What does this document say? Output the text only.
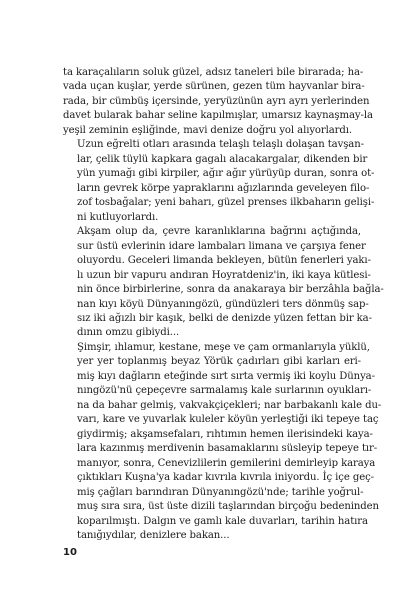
ta karaçalıların soluk güzel, adsız taneleri bile birarada; ha-
vada uçan kuşlar, yerde sürünen, gezen tüm hayvanlar bira-
rada, bir cümbüş içersinde, yeryüzünün ayrı ayrı yerlerinden
davet bularak bahar seline kapılmışlar, umarsız kaynaşmay-la
yeşil zeminin eşliğinde, mavi denize doğru yol alıyorlardı.

Uzun eğrelti otları arasında telaşlı telaşlı dolaşan tavşan-
lar, çelik tüylü kapkara gagalı alacakargalar, dikenden bir
yün yumağı gibi kirpiler, ağır ağır yürüyüp duran, sonra ot-
ların gevrek körpe yapraklarını ağızlarında geveleyen filo-
zof tosbağalar; yeni baharı, güzel prenses ilkbaharın gelişi-
ni kutluyorlardı.

Akşam olup da, çevre karanlıklarına bağrını açtığında,
sur üstü evlerinin idare lambaları limana ve çarşıya fener
oluyordu. Geceleri limanda bekleyen, bütün fenerleri yakı-
lı uzun bir vapuru andıran Hoyratdeniz'in, iki kaya kütlesi-
nin önce birbirlerine, sonra da anakaraya bir berzâhla bağla-
nan kıyı köyü Dünyanıngözü, gündüzleri ters dönmüş sap-
sız iki ağızlı bir kaşık, belki de denizde yüzen fettan bir ka-
dının omzu gibiydi...

Şimşir, ıhlamur, kestane, meşe ve çam ormanlarıyla yüklü,
yer yer toplanmış beyaz Yörük çadırları gibi karları eri-
miş kıyı dağların eteğinde sırt sırta vermiş iki koylu Dünya-
nıngözü'nü çepeçevre sarmalamış kale surlarının oyukları-
na da bahar gelmiş, vakvakçiçekleri; nar barbakanlı kale du-
varı, kare ve yuvarlak kuleler köyün yerleştiği iki tepeye taç
giydirmiş; akşamsefaları, rıhtımın hemen ilerisindeki kaya-
lara kazınmış merdivenin basamaklarını süsleyip tepeye tır-
manıyor, sonra, Cenevizlilerin gemilerini demirleyip karaya
çıktıkları Kuşna'ya kadar kıvrıla kıvrıla iniyordu. İç içe geç-
miş çağları barındıran Dünyanıngözü'nde; tarihle yoğrul-
muş sıra sıra, üst üste dizili taşlarından birçoğu bedeninden
koparılmıştı. Dalgın ve gamlı kale duvarları, tarihin hatıra
tanığıydılar, denizlere bakan...

10
